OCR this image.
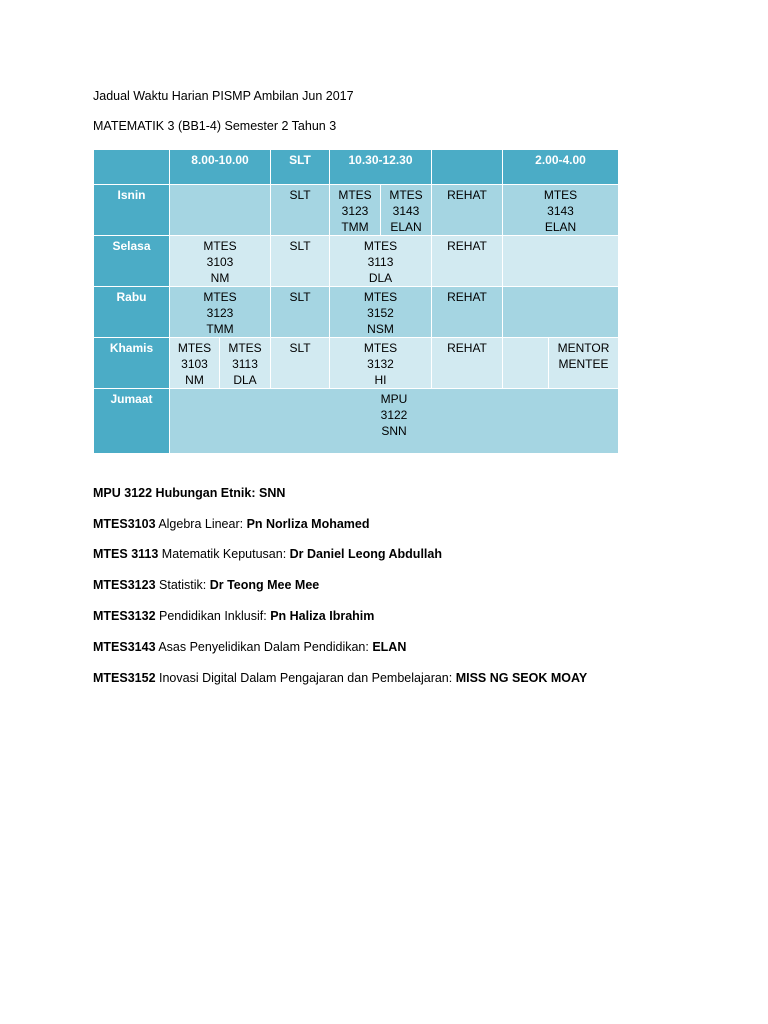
Jadual Waktu Harian PISMP Ambilan Jun 2017
MATEMATIK 3 (BB1-4) Semester 2 Tahun 3
	8.00-10.00		SLT	10.30-12.30			2.00-4.00	
Isnin			SLT	MTES
3123
TMM	MTES
3143
ELAN	REHAT	MTES
3143
ELAN	

Selasa	MTES
3103
NM		SLT	MTES
3113
DLA		REHAT		
Rabu	MTES
3123
TMM		SLT	MTES
3152
NSM		REHAT		
Khamis	MTES
3103
NM	MTES
3113
DLA	SLT	MTES
3132
HI		REHAT		MENTOR
MENTEE

Jumaat	MPU
3122
SNN							
MPU 3122 Hubungan Etnik: SNN
MTES3103 Algebra Linear: Pn Norliza Mohamed
MTES 3113 Matematik Keputusan: Dr Daniel Leong Abdullah
MTES3123 Statistik: Dr Teong Mee Mee
MTES3132 Pendidikan Inklusif: Pn Haliza Ibrahim
MTES3143 Asas Penyelidikan Dalam Pendidikan: ELAN
MTES3152 Inovasi Digital Dalam Pengajaran dan Pembelajaran: MISS NG SEOK MOAY
